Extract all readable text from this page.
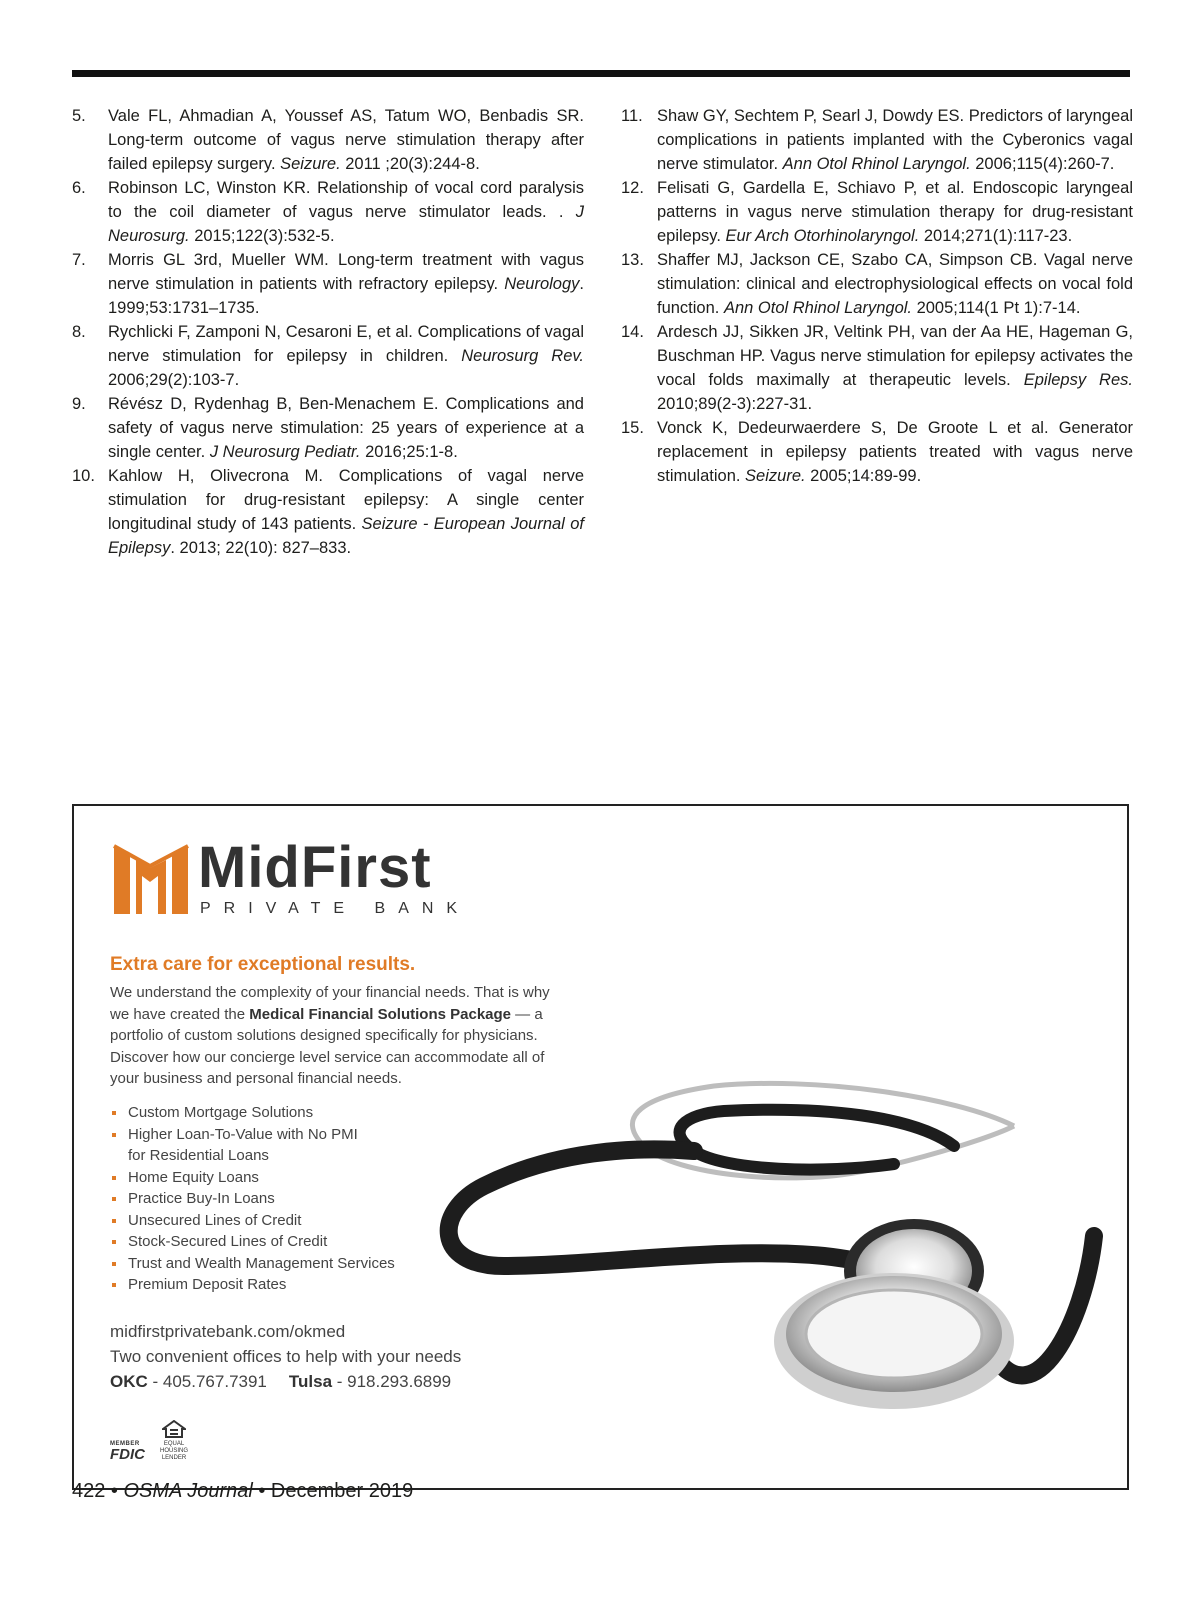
5.	Vale FL, Ahmadian A, Youssef AS, Tatum WO, Benbadis SR. Long-term outcome of vagus nerve stimulation therapy after failed epilepsy surgery. Seizure. 2011 ;20(3):244-8.
6.	Robinson LC, Winston KR. Relationship of vocal cord paralysis to the coil diameter of vagus nerve stimulator leads. . J Neurosurg. 2015;122(3):532-5.
7.	Morris GL 3rd, Mueller WM. Long-term treatment with vagus nerve stimulation in patients with refractory epilepsy. Neurology. 1999;53:1731–1735.
8.	Rychlicki F, Zamponi N, Cesaroni E, et al. Complications of vagal nerve stimulation for epilepsy in children. Neurosurg Rev. 2006;29(2):103-7.
9.	Révész D, Rydenhag B, Ben-Menachem E. Complications and safety of vagus nerve stimulation: 25 years of experience at a single center. J Neurosurg Pediatr. 2016;25:1-8.
10. Kahlow H, Olivecrona M. Complications of vagal nerve stimulation for drug-resistant epilepsy: A single center longitudinal study of 143 patients. Seizure - European Journal of Epilepsy. 2013; 22(10): 827–833.
11. Shaw GY, Sechtem P, Searl J, Dowdy ES. Predictors of laryngeal complications in patients implanted with the Cyberonics vagal nerve stimulator. Ann Otol Rhinol Laryngol. 2006;115(4):260-7.
12. Felisati G, Gardella E, Schiavo P, et al. Endoscopic laryngeal patterns in vagus nerve stimulation therapy for drug-resistant epilepsy. Eur Arch Otorhinolaryngol. 2014;271(1):117-23.
13. Shaffer MJ, Jackson CE, Szabo CA, Simpson CB. Vagal nerve stimulation: clinical and electrophysiological effects on vocal fold function. Ann Otol Rhinol Laryngol. 2005;114(1 Pt 1):7-14.
14. Ardesch JJ, Sikken JR, Veltink PH, van der Aa HE, Hageman G, Buschman HP. Vagus nerve stimulation for epilepsy activates the vocal folds maximally at therapeutic levels. Epilepsy Res. 2010;89(2-3):227-31.
15. Vonck K, Dedeurwaerdere S, De Groote L et al. Generator replacement in epilepsy patients treated with vagus nerve stimulation. Seizure. 2005;14:89-99.
MidFirst
PRIVATE BANK
Extra care for exceptional results.
We understand the complexity of your financial needs. That is why we have created the Medical Financial Solutions Package — a portfolio of custom solutions designed specifically for physicians. Discover how our concierge level service can accommodate all of your business and personal financial needs.
Custom Mortgage Solutions
Higher Loan-To-Value with No PMI
for Residential Loans
Home Equity Loans
Practice Buy-In Loans
Unsecured Lines of Credit
Stock-Secured Lines of Credit
Trust and Wealth Management Services
Premium Deposit Rates
midfirstprivatebank.com/okmed
Two convenient offices to help with your needs
OKC - 405.767.7391 Tulsa - 918.293.6899
MEMBER
FDIC
EQUAL HOUSING LENDER
422 • OSMA Journal • December 2019
